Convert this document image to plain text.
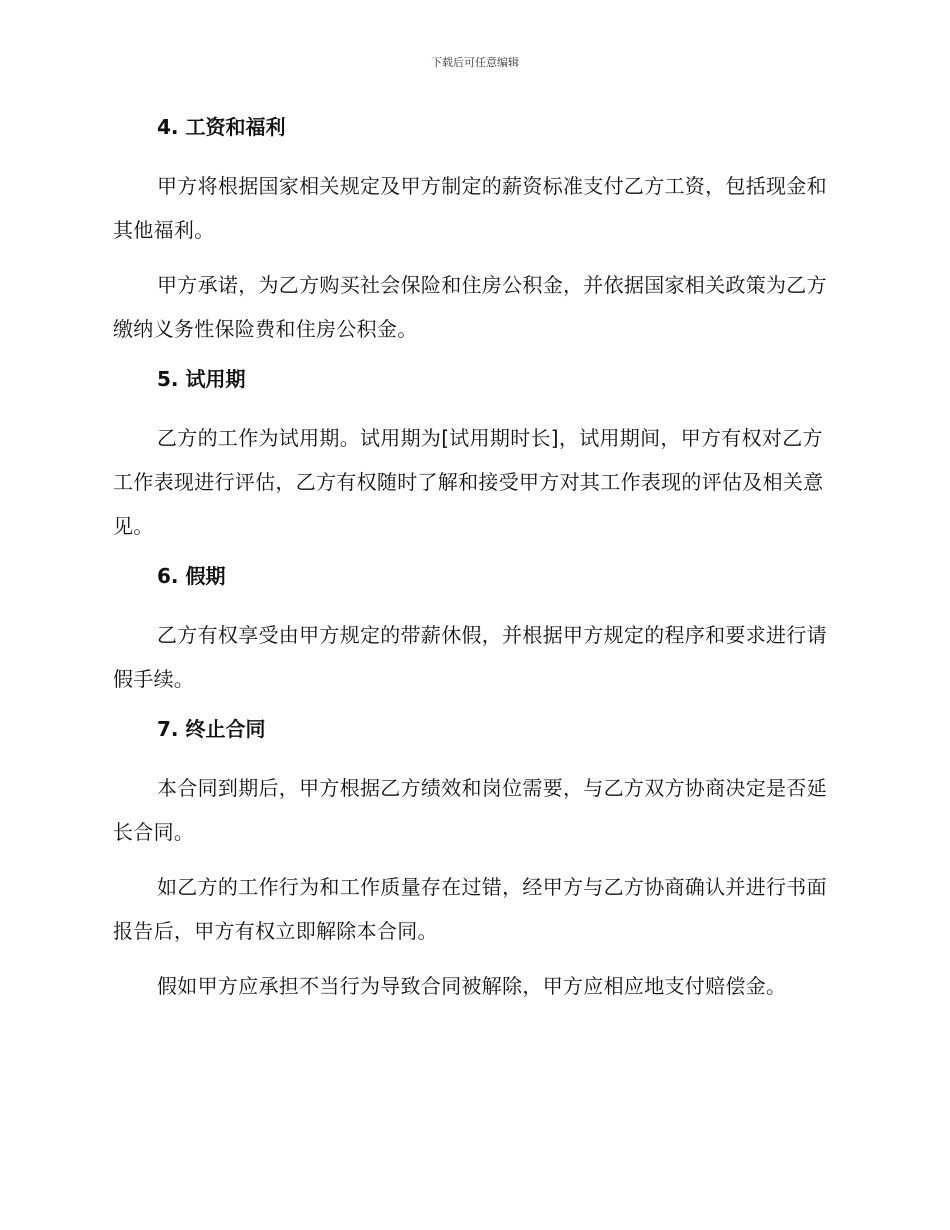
下载后可任意编辑
4. 工资和福利

甲方将根据国家相关规定及甲方制定的薪资标准支付乙方工资，包括现金和其他福利。

甲方承诺，为乙方购买社会保险和住房公积金，并依据国家相关政策为乙方缴纳义务性保险费和住房公积金。

5. 试用期

乙方的工作为试用期。试用期为[试用期时长]，试用期间，甲方有权对乙方工作表现进行评估，乙方有权随时了解和接受甲方对其工作表现的评估及相关意见。

6. 假期

乙方有权享受由甲方规定的带薪休假，并根据甲方规定的程序和要求进行请假手续。

7. 终止合同

本合同到期后，甲方根据乙方绩效和岗位需要，与乙方双方协商决定是否延长合同。

如乙方的工作行为和工作质量存在过错，经甲方与乙方协商确认并进行书面报告后，甲方有权立即解除本合同。

假如甲方应承担不当行为导致合同被解除，甲方应相应地支付赔偿金。
